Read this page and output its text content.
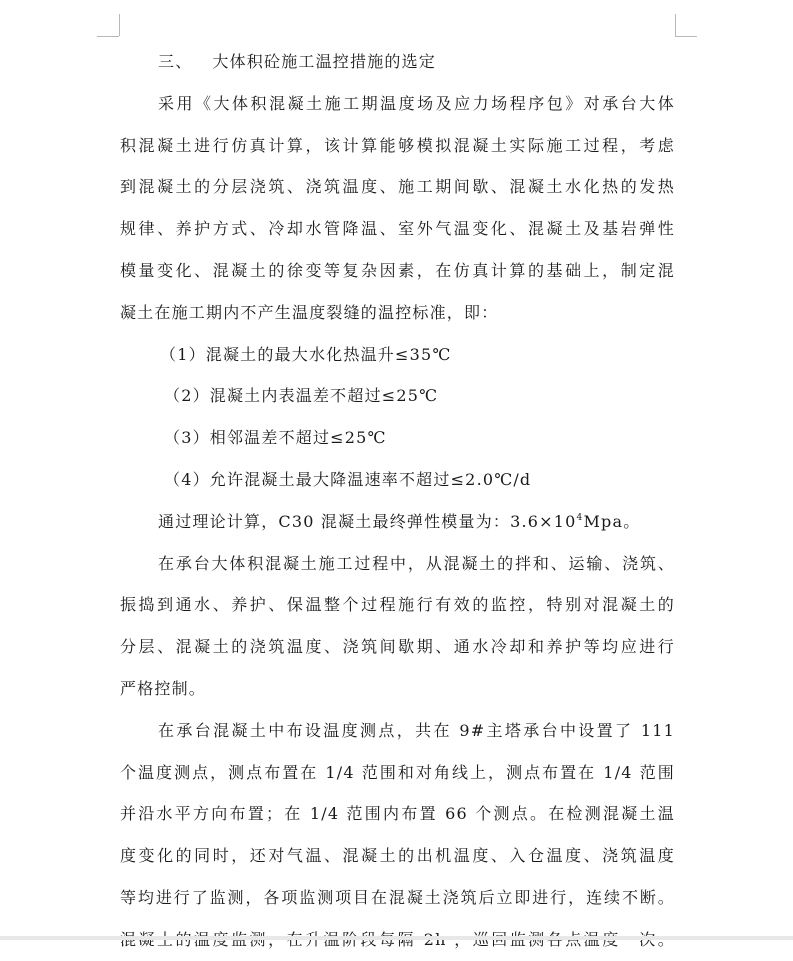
三、 大体积砼施工温控措施的选定
采用《大体积混凝土施工期温度场及应力场程序包》对承台大体
积混凝土进行仿真计算，该计算能够模拟混凝土实际施工过程，考虑
到混凝土的分层浇筑、浇筑温度、施工期间歇、混凝土水化热的发热
规律、养护方式、冷却水管降温、室外气温变化、混凝土及基岩弹性
模量变化、混凝土的徐变等复杂因素，在仿真计算的基础上，制定混
凝土在施工期内不产生温度裂缝的温控标准，即：
（1）混凝土的最大水化热温升≤35℃
（2）混凝土内表温差不超过≤25℃
（3）相邻温差不超过≤25℃
（4）允许混凝土最大降温速率不超过≤2.0℃/d
通过理论计算，C30 混凝土最终弹性模量为：$3.6\times 10^4Mpa$。
在承台大体积混凝土施工过程中，从混凝土的拌和、运输、浇筑、
振捣到通水、养护、保温整个过程施行有效的监控，特别对混凝土的
分层、混凝土的浇筑温度、浇筑间歇期、通水冷却和养护等均应进行
严格控制。
在承台混凝土中布设温度测点，共在 9#主塔承台中设置了 111
个温度测点，测点布置在 1/4 范围和对角线上，测点布置在 1/4 范围
并沿水平方向布置；在 1/4 范围内布置 66 个测点。在检测混凝土温
度变化的同时，还对气温、混凝土的出机温度、入仓温度、浇筑温度
等均进行了监测，各项监测项目在混凝土浇筑后立即进行，连续不断。
